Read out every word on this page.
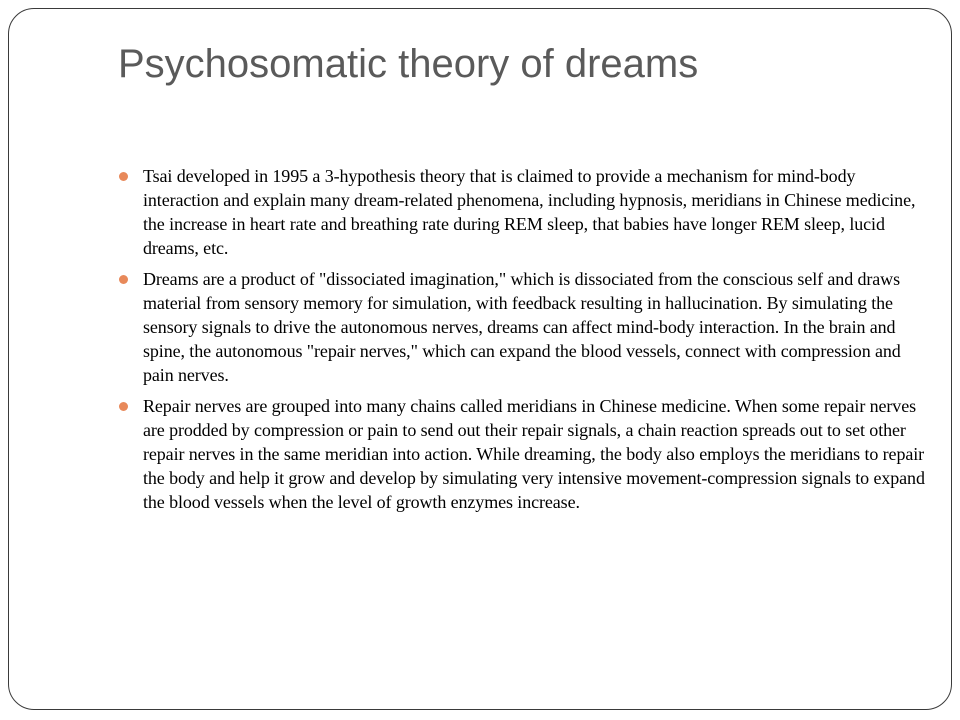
Psychosomatic theory of dreams
Tsai developed in 1995 a 3-hypothesis theory that is claimed to provide a mechanism for mind-body interaction and explain many dream-related phenomena, including hypnosis, meridians in Chinese medicine, the increase in heart rate and breathing rate during REM sleep, that babies have longer REM sleep, lucid dreams, etc.
Dreams are a product of "dissociated imagination," which is dissociated from the conscious self and draws material from sensory memory for simulation, with feedback resulting in hallucination. By simulating the sensory signals to drive the autonomous nerves, dreams can affect mind-body interaction. In the brain and spine, the autonomous "repair nerves," which can expand the blood vessels, connect with compression and pain nerves.
Repair nerves are grouped into many chains called meridians in Chinese medicine. When some repair nerves are prodded by compression or pain to send out their repair signals, a chain reaction spreads out to set other repair nerves in the same meridian into action. While dreaming, the body also employs the meridians to repair the body and help it grow and develop by simulating very intensive movement-compression signals to expand the blood vessels when the level of growth enzymes increase.
